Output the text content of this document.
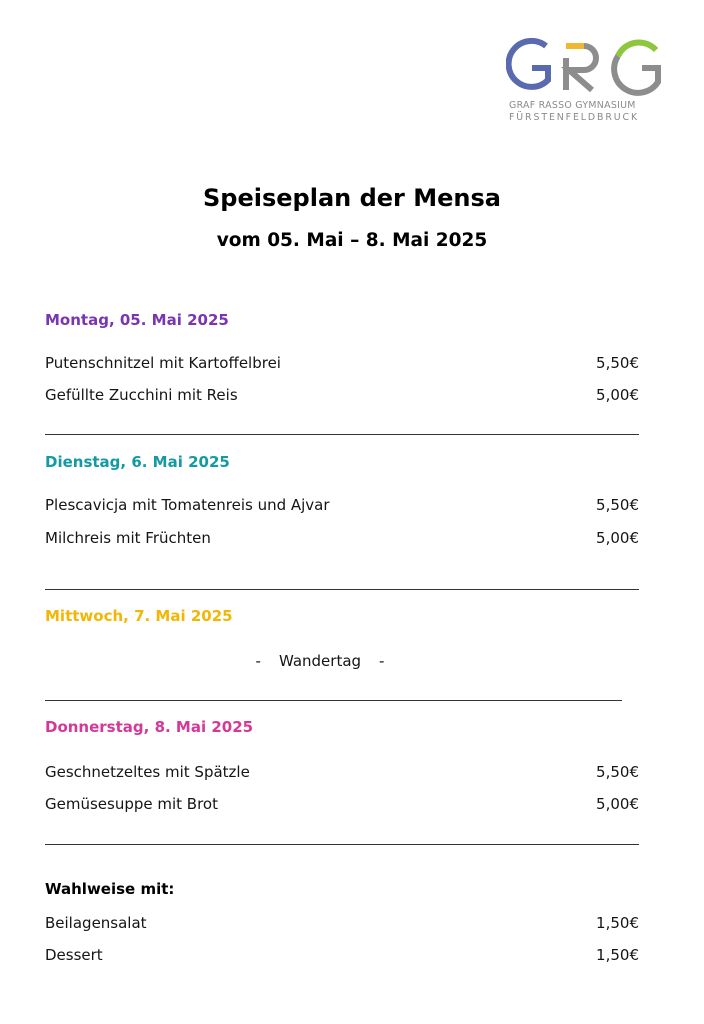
GRAF RASSO GYMNASIUM
FÜRSTENFELDBRUCK
Speiseplan der Mensa
vom 05. Mai – 8. Mai 2025
Montag, 05. Mai 2025
Putenschnitzel mit Kartoffelbrei	5,50€
Gefüllte Zucchini mit Reis	5,00€
Dienstag, 6. Mai 2025
Plescavicja mit Tomatenreis und Ajvar	5,50€
Milchreis mit Früchten	5,00€
Mittwoch, 7. Mai 2025
- Wandertag -
Donnerstag, 8. Mai 2025
Geschnetzeltes mit Spätzle	5,50€
Gemüsesuppe mit Brot	5,00€
Wahlweise mit:
Beilagensalat	1,50€
Dessert	1,50€
